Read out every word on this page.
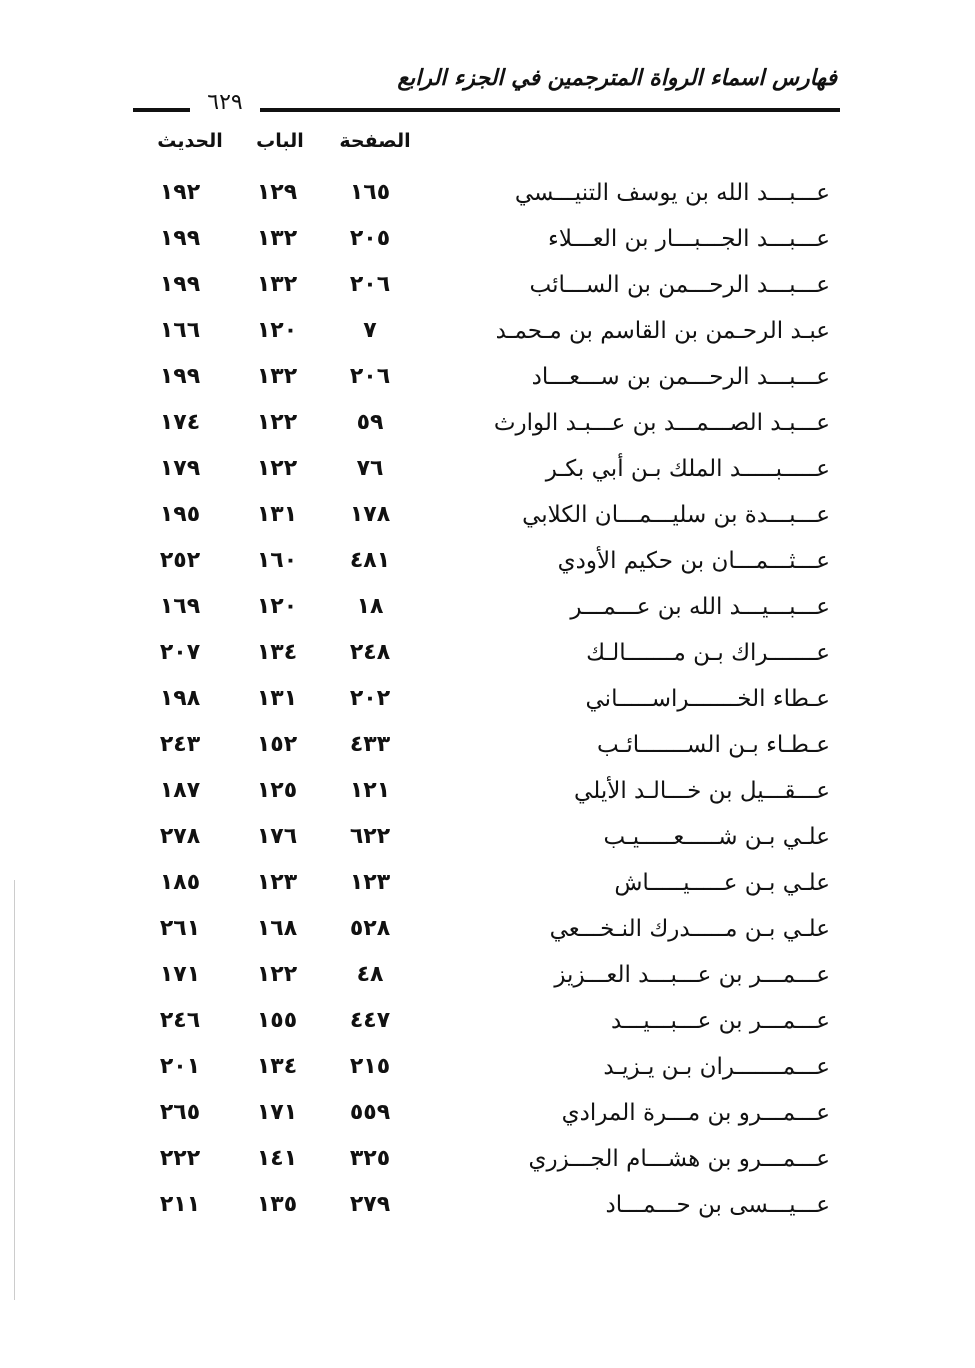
فهارس اسماء الرواة المترجمين في الجزء الرابع
٦٢٩
الصفحة
الباب
الحديث
عـــبـــد الله بن يوسف التنيـــسي
١٦٥
١٢٩
١٩٢
عـــبـــد الجـــبـــار بن العـــلاء
٢٠٥
١٣٢
١٩٩
عـــبـــد الرحـــمن بن الســـائب
٢٠٦
١٣٢
١٩٩
عبـد الرحـمن بن القاسم بن مـحمـد
٧
١٢٠
١٦٦
عـــبـــد الرحـــمن بن ســـعـــاد
٢٠٦
١٣٢
١٩٩
عـــبـد الصـــمـــد بن عـــبـد الوارث
٥٩
١٢٢
١٧٤
عـــــبـــــد الملك بـن أبي بكـر
٧٦
١٢٢
١٧٩
عـــبـــدة بن سليـــمـــان الكلابي
١٧٨
١٣١
١٩٥
عـــثـــمـــان بن حكيم الأودي
٤٨١
١٦٠
٢٥٢
عـــبـــيـــد الله بن عـــمـــر
١٨
١٢٠
١٦٩
عـــــــراك بـن مـــــــالـك
٢٤٨
١٣٤
٢٠٧
عـطاء الخـــــــراســـــاني
٢٠٢
١٣١
١٩٨
عـطـاء بـن الســـــــائـب
٤٣٣
١٥٢
٢٤٣
عـــقـــيل بن خـــالـد الأيلي
١٢١
١٢٥
١٨٧
علـي بـن شـــــعـــــيـب
٦٢٢
١٧٦
٢٧٨
علـي بـن عـــــيـــــاش
١٢٣
١٢٣
١٨٥
علـي بـن مـــــدرك النـخـــعي
٥٢٨
١٦٨
٢٦١
عـــمـــر بن عـــبـــد العـــزيز
٤٨
١٢٢
١٧١
عـــمـــر بن عـــبـــيـــد
٤٤٧
١٥٥
٢٤٦
عـــمـــــــران بـن يـزيـد
٢١٥
١٣٤
٢٠١
عـــمـــرو بن مـــرة المرادي
٥٥٩
١٧١
٢٦٥
عـــمـــرو بن هشـــام الجـــزري
٣٢٥
١٤١
٢٢٢
عـــيـــسى بن حـــمـــاد
٢٧٩
١٣٥
٢١١
